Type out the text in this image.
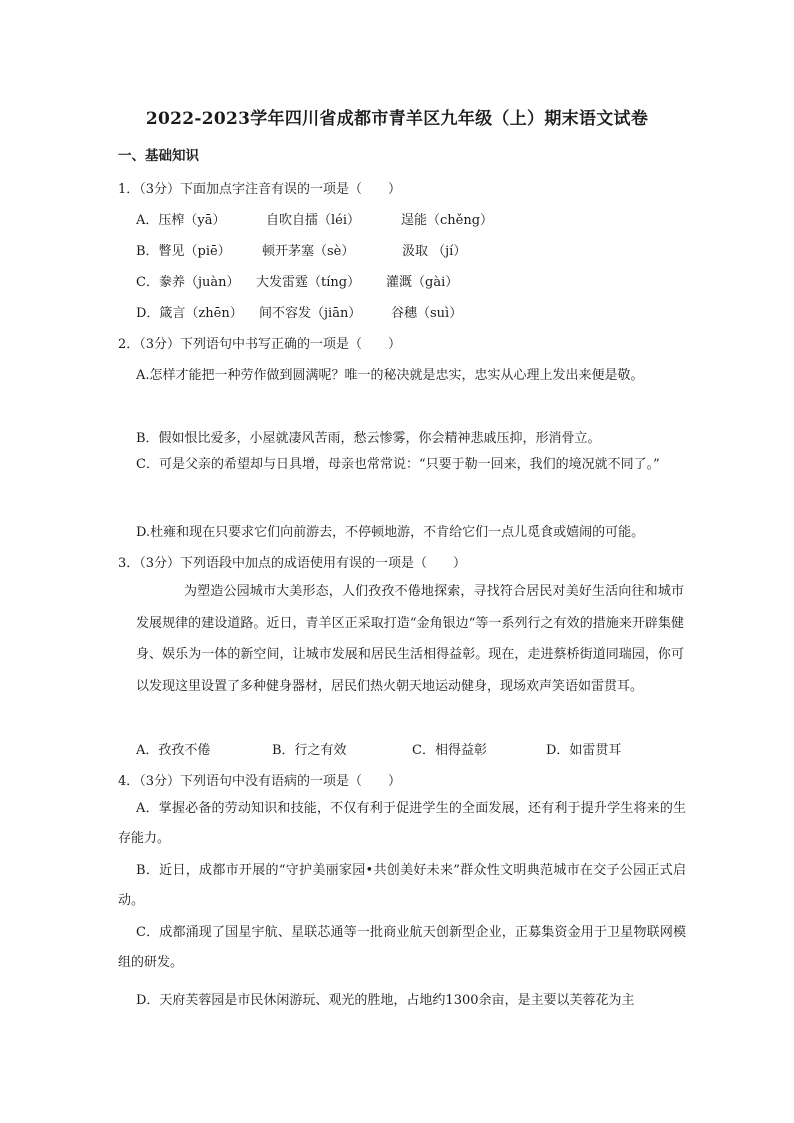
2022-2023学年四川省成都市青羊区九年级（上）期末语文试卷
一、基础知识
1．（3分）下面加点字注音有误的一项是（　　）
A．压榨（yā）	自吹自擂（léi）	逞能（chěng）
B．瞥见（piē） 顿开茅塞（sè）	汲取 （jí）
C．豢养（juàn） 大发雷霆（tíng） 灌溉（gài）
D．箴言（zhēn） 间不容发（jiān） 谷穗（suì）
2．（3分）下列语句中书写正确的一项是（　　）
A.怎样才能把一种劳作做到圆满呢？唯一的秘决就是忠实，忠实从心理上发出来便是敬。
B．假如恨比爱多，小屋就凄风苦雨，愁云惨雾，你会精神悲戚压抑，形消骨立。
C．可是父亲的希望却与日具增，母亲也常常说：“只要于勒一回来，我们的境况就不同了。”
D.杜雍和现在只要求它们向前游去，不停顿地游，不肯给它们一点儿觅食或嬉闹的可能。
3．（3分）下列语段中加点的成语使用有误的一项是（　　）
为塑造公园城市大美形态，人们孜孜不倦地探索，寻找符合居民对美好生活向往和城市发展规律的建设道路。近日，青羊区正采取打造“金角银边“等一系列行之有效的措施来开辟集健身、娱乐为一体的新空间，让城市发展和居民生活相得益彰。现在，走进蔡桥街道同瑞园，你可以发现这里设置了多种健身器材，居民们热火朝天地运动健身，现场欢声笑语如雷贯耳。
A．孜孜不倦	B．行之有效	C．相得益彰	D．如雷贯耳
4．（3分）下列语句中没有语病的一项是（　　）
A．掌握必备的劳动知识和技能，不仅有利于促进学生的全面发展，还有利于提升学生将来的生存能力。
B．近日，成都市开展的“守护美丽家园•共创美好未来”群众性文明典范城市在交子公园正式启动。
C．成都涌现了国星宇航、星联芯通等一批商业航天创新型企业，正募集资金用于卫星物联网模组的研发。
D．天府芙蓉园是市民休闲游玩、观光的胜地，占地约1300余亩，是主要以芙蓉花为主
